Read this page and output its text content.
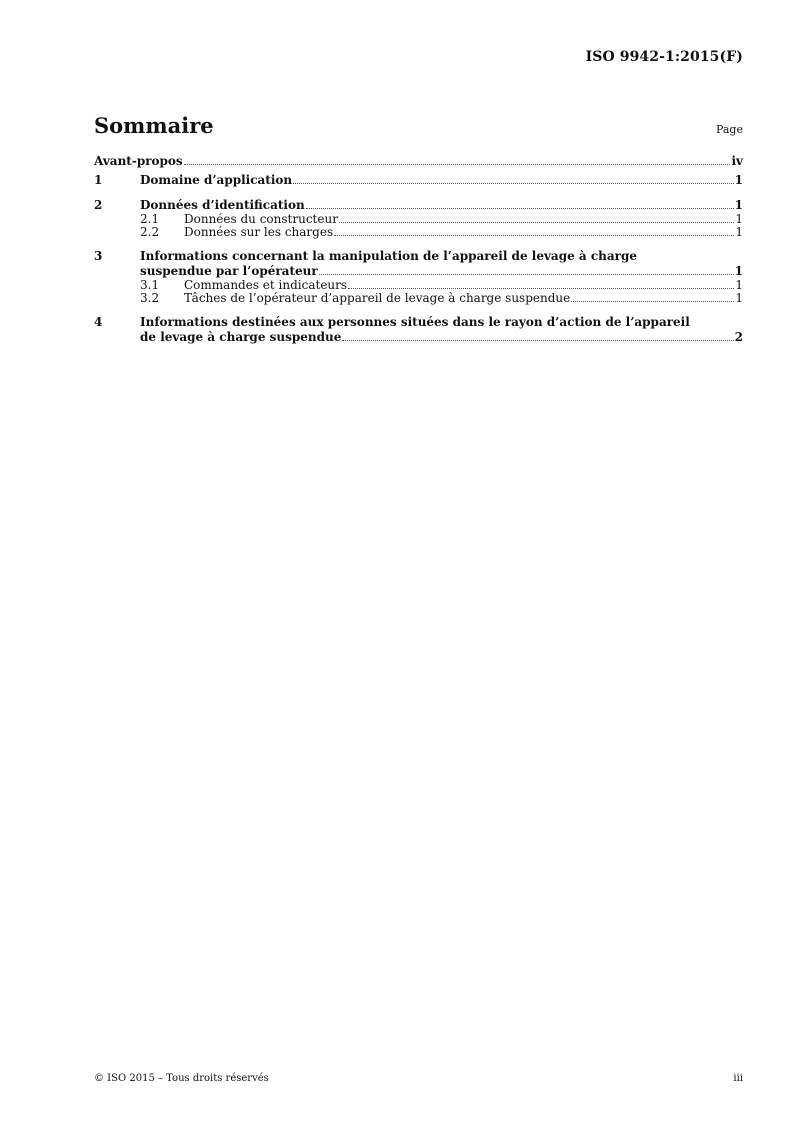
ISO 9942-1:2015(F)
Sommaire	Page
Avant-propos	iv
1	Domaine d’application	1
2	Données d’identification	1
2.1	Données du constructeur	1
2.2	Données sur les charges	1
3	Informations concernant la manipulation de l’appareil de levage à charge
suspendue par l’opérateur	1
3.1	Commandes et indicateurs	1
3.2	Tâches de l’opérateur d’appareil de levage à charge suspendue	1
4	Informations destinées aux personnes situées dans le rayon d’action de l’appareil
de levage à charge suspendue	2
© ISO 2015 – Tous droits réservés	iii
